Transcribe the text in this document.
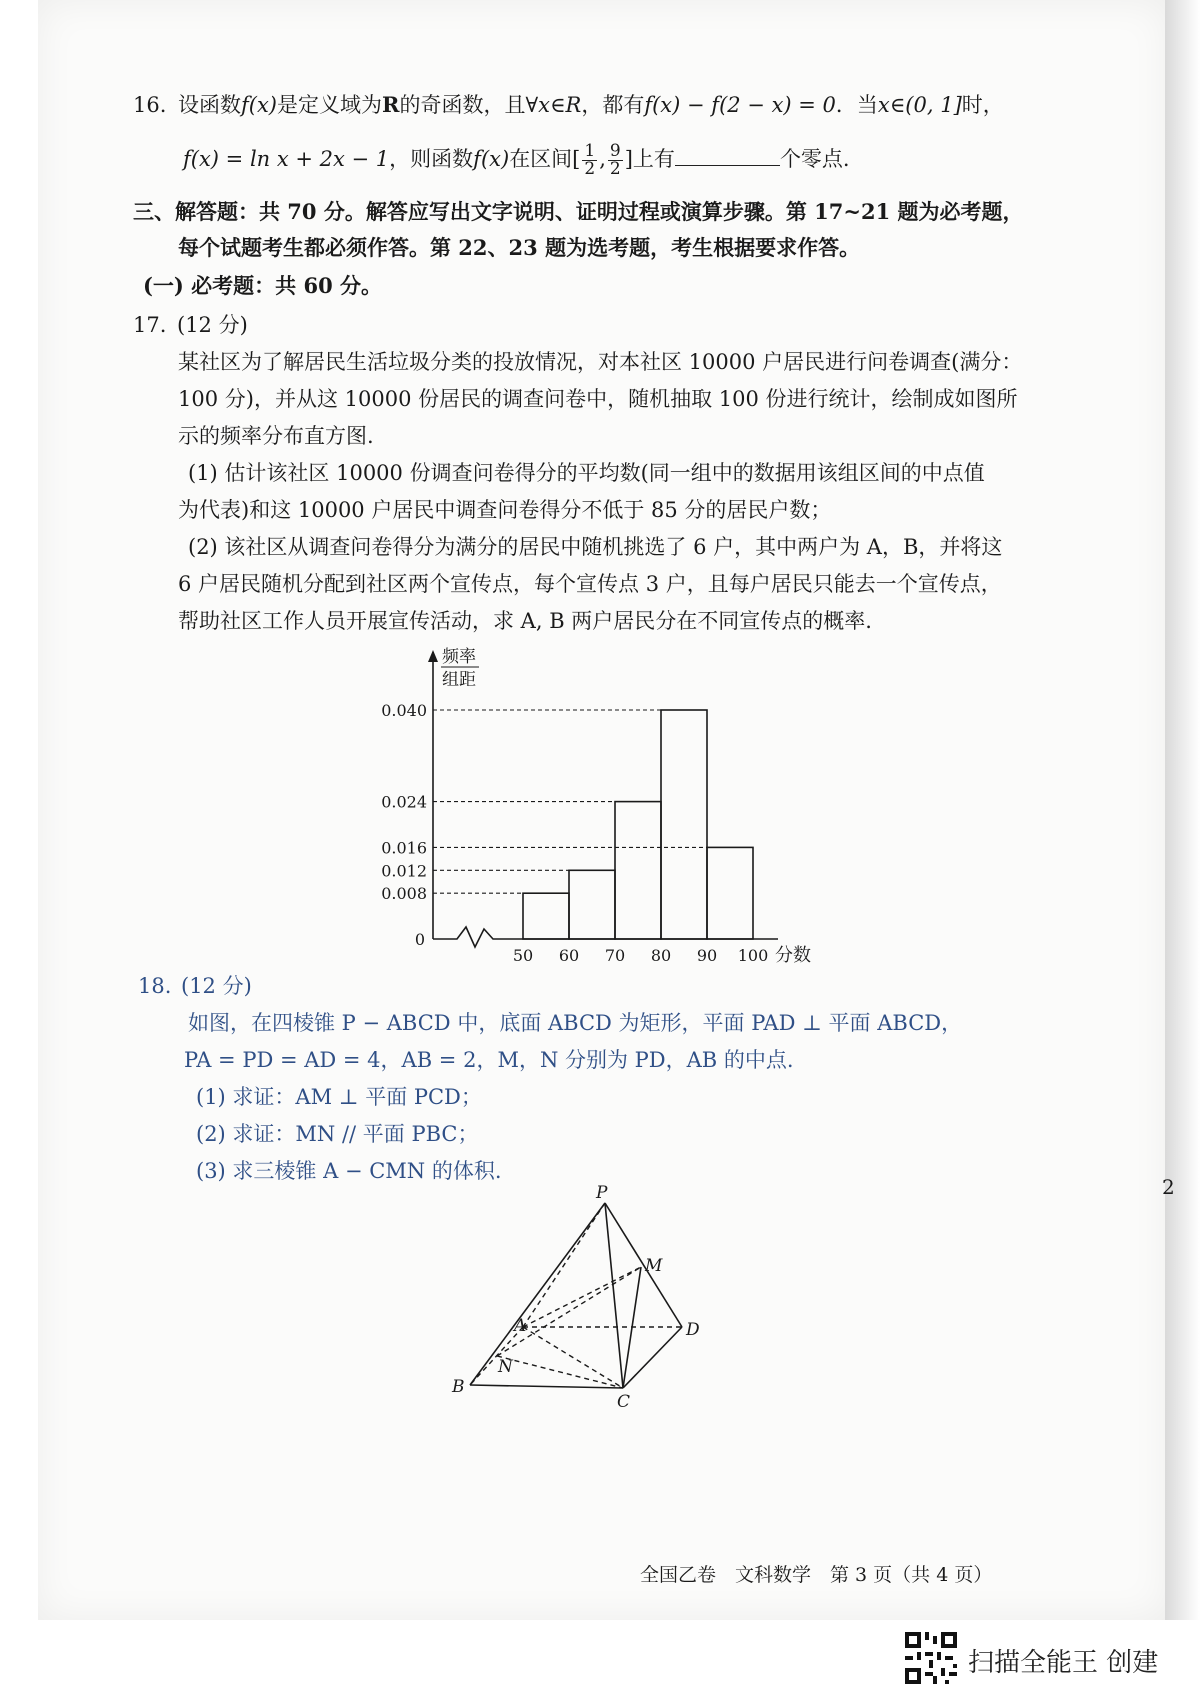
16. 设函数f(x)是定义域为R的奇函数，且∀x∈R，都有f(x) − f(2 − x) = 0．当x∈(0, 1]时，
f(x) = ln x + 2x − 1，则函数f(x)在区间[ $\frac{1}{2}$ , $\frac{9}{2}$ ]上有	个零点.
三、解答题：共 70 分。解答应写出文字说明、证明过程或演算步骤。第 17~21 题为必考题，
每个试题考生都必须作答。第 22、23 题为选考题，考生根据要求作答。
(一) 必考题：共 60 分。
17. (12 分)
某社区为了解居民生活垃圾分类的投放情况，对本社区 10000 户居民进行问卷调查(满分：
100 分)，并从这 10000 份居民的调查问卷中，随机抽取 100 份进行统计，绘制成如图所
示的频率分布直方图.
(1) 估计该社区 10000 份调查问卷得分的平均数(同一组中的数据用该组区间的中点值
为代表)和这 10000 户居民中调查问卷得分不低于 85 分的居民户数；
(2) 该社区从调查问卷得分为满分的居民中随机挑选了 6 户，其中两户为 A，B，并将这
6 户居民随机分配到社区两个宣传点，每个宣传点 3 户，且每户居民只能去一个宣传点，
帮助社区工作人员开展宣传活动，求 A, B 两户居民分在不同宣传点的概率.
0.008
0.012
0.016
0.024
0.040
0
50 60 70 80 90 100 分数
频率
组距
18. (12 分)
如图，在四棱锥 P − ABCD 中，底面 ABCD 为矩形，平面 PAD ⊥ 平面 ABCD，
PA = PD = AD = 4，AB = 2，M，N 分别为 PD，AB 的中点.
(1) 求证：AM ⊥ 平面 PCD；
(2) 求证：MN // 平面 PBC；
(3) 求三棱锥 A − CMN 的体积.
P
M
A	D
N
B
C
2
全国乙卷　文科数学　第 3 页（共 4 页）
扫描全能王 创建
